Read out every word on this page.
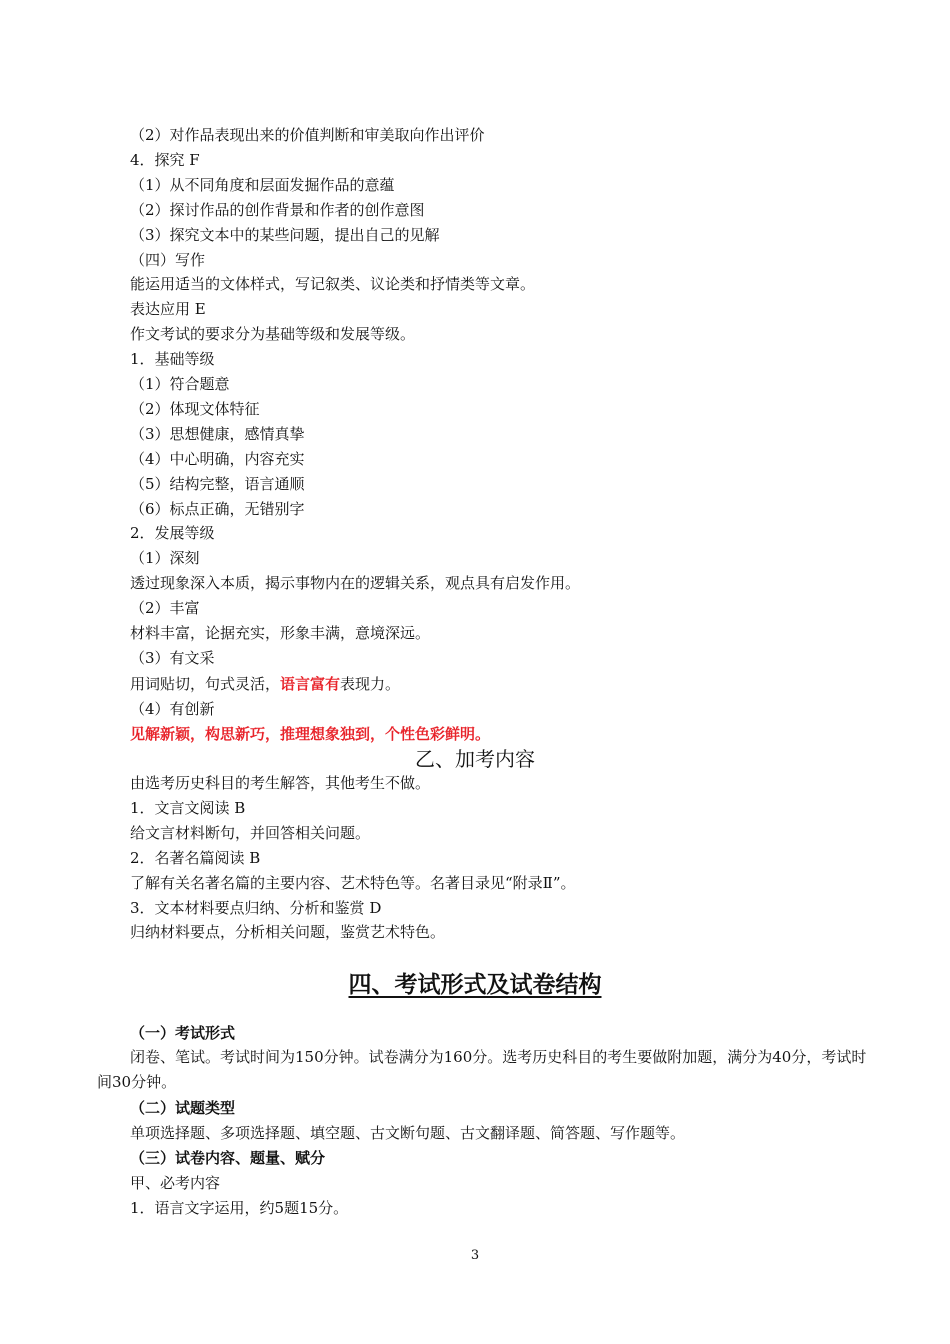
（2）对作品表现出来的价值判断和审美取向作出评价
4．探究 F
（1）从不同角度和层面发掘作品的意蕴
（2）探讨作品的创作背景和作者的创作意图
（3）探究文本中的某些问题，提出自己的见解
（四）写作
能运用适当的文体样式，写记叙类、议论类和抒情类等文章。
表达应用 E
作文考试的要求分为基础等级和发展等级。
1．基础等级
（1）符合题意
（2）体现文体特征
（3）思想健康，感情真挚
（4）中心明确，内容充实
（5）结构完整，语言通顺
（6）标点正确，无错别字
2．发展等级
（1）深刻
透过现象深入本质，揭示事物内在的逻辑关系，观点具有启发作用。
（2）丰富
材料丰富，论据充实，形象丰满，意境深远。
（3）有文采
用词贴切，句式灵活，语言富有表现力。
（4）有创新
见解新颖，构思新巧，推理想象独到，个性色彩鲜明。
乙、加考内容
由选考历史科目的考生解答，其他考生不做。
1．文言文阅读 B
给文言材料断句，并回答相关问题。
2．名著名篇阅读 B
了解有关名著名篇的主要内容、艺术特色等。名著目录见“附录Ⅱ”。
3．文本材料要点归纳、分析和鉴赏 D
归纳材料要点，分析相关问题，鉴赏艺术特色。
四、考试形式及试卷结构
（一）考试形式
闭卷、笔试。考试时间为150分钟。试卷满分为160分。选考历史科目的考生要做附加题，满分为40分，考试时间30分钟。
（二）试题类型
单项选择题、多项选择题、填空题、古文断句题、古文翻译题、简答题、写作题等。
（三）试卷内容、题量、赋分
甲、必考内容
1．语言文字运用，约5题15分。
3
